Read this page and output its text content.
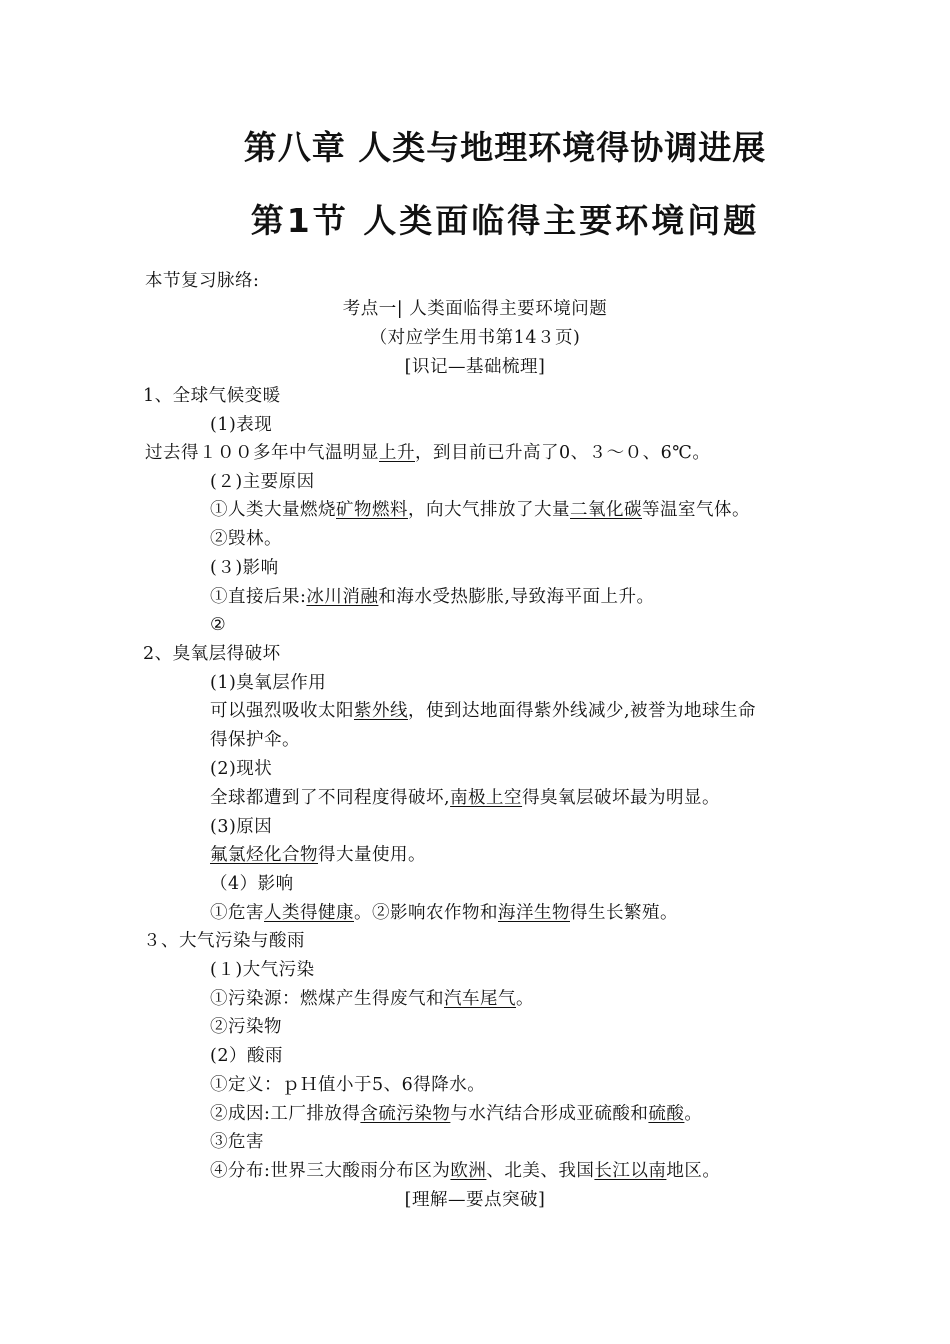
第八章 人类与地理环境得协调进展
第1节 人类面临得主要环境问题
本节复习脉络:
考点一| 人类面临得主要环境问题
（对应学生用书第14３页)
[识记—基础梳理]
1、全球气候变暖
(1)表现
过去得１００多年中气温明显上升，到目前已升高了0、３～０、6℃。
(２)主要原因
①人类大量燃烧矿物燃料，向大气排放了大量二氧化碳等温室气体。
②毁林。
(３)影响
①直接后果:冰川消融和海水受热膨胀,导致海平面上升。
②
2、臭氧层得破坏
(1)臭氧层作用
可以强烈吸收太阳紫外线，使到达地面得紫外线减少,被誉为地球生命
得保护伞。
(2)现状
全球都遭到了不同程度得破坏,南极上空得臭氧层破坏最为明显。
(3)原因
氟氯烃化合物得大量使用。
（4）影响
①危害人类得健康。②影响农作物和海洋生物得生长繁殖。
３、大气污染与酸雨
(１)大气污染
①污染源：燃煤产生得废气和汽车尾气。
②污染物
(2）酸雨
①定义：ｐＨ值小于5、6得降水。
②成因:工厂排放得含硫污染物与水汽结合形成亚硫酸和硫酸。
③危害
④分布:世界三大酸雨分布区为欧洲、北美、我国长江以南地区。
[理解—要点突破]
